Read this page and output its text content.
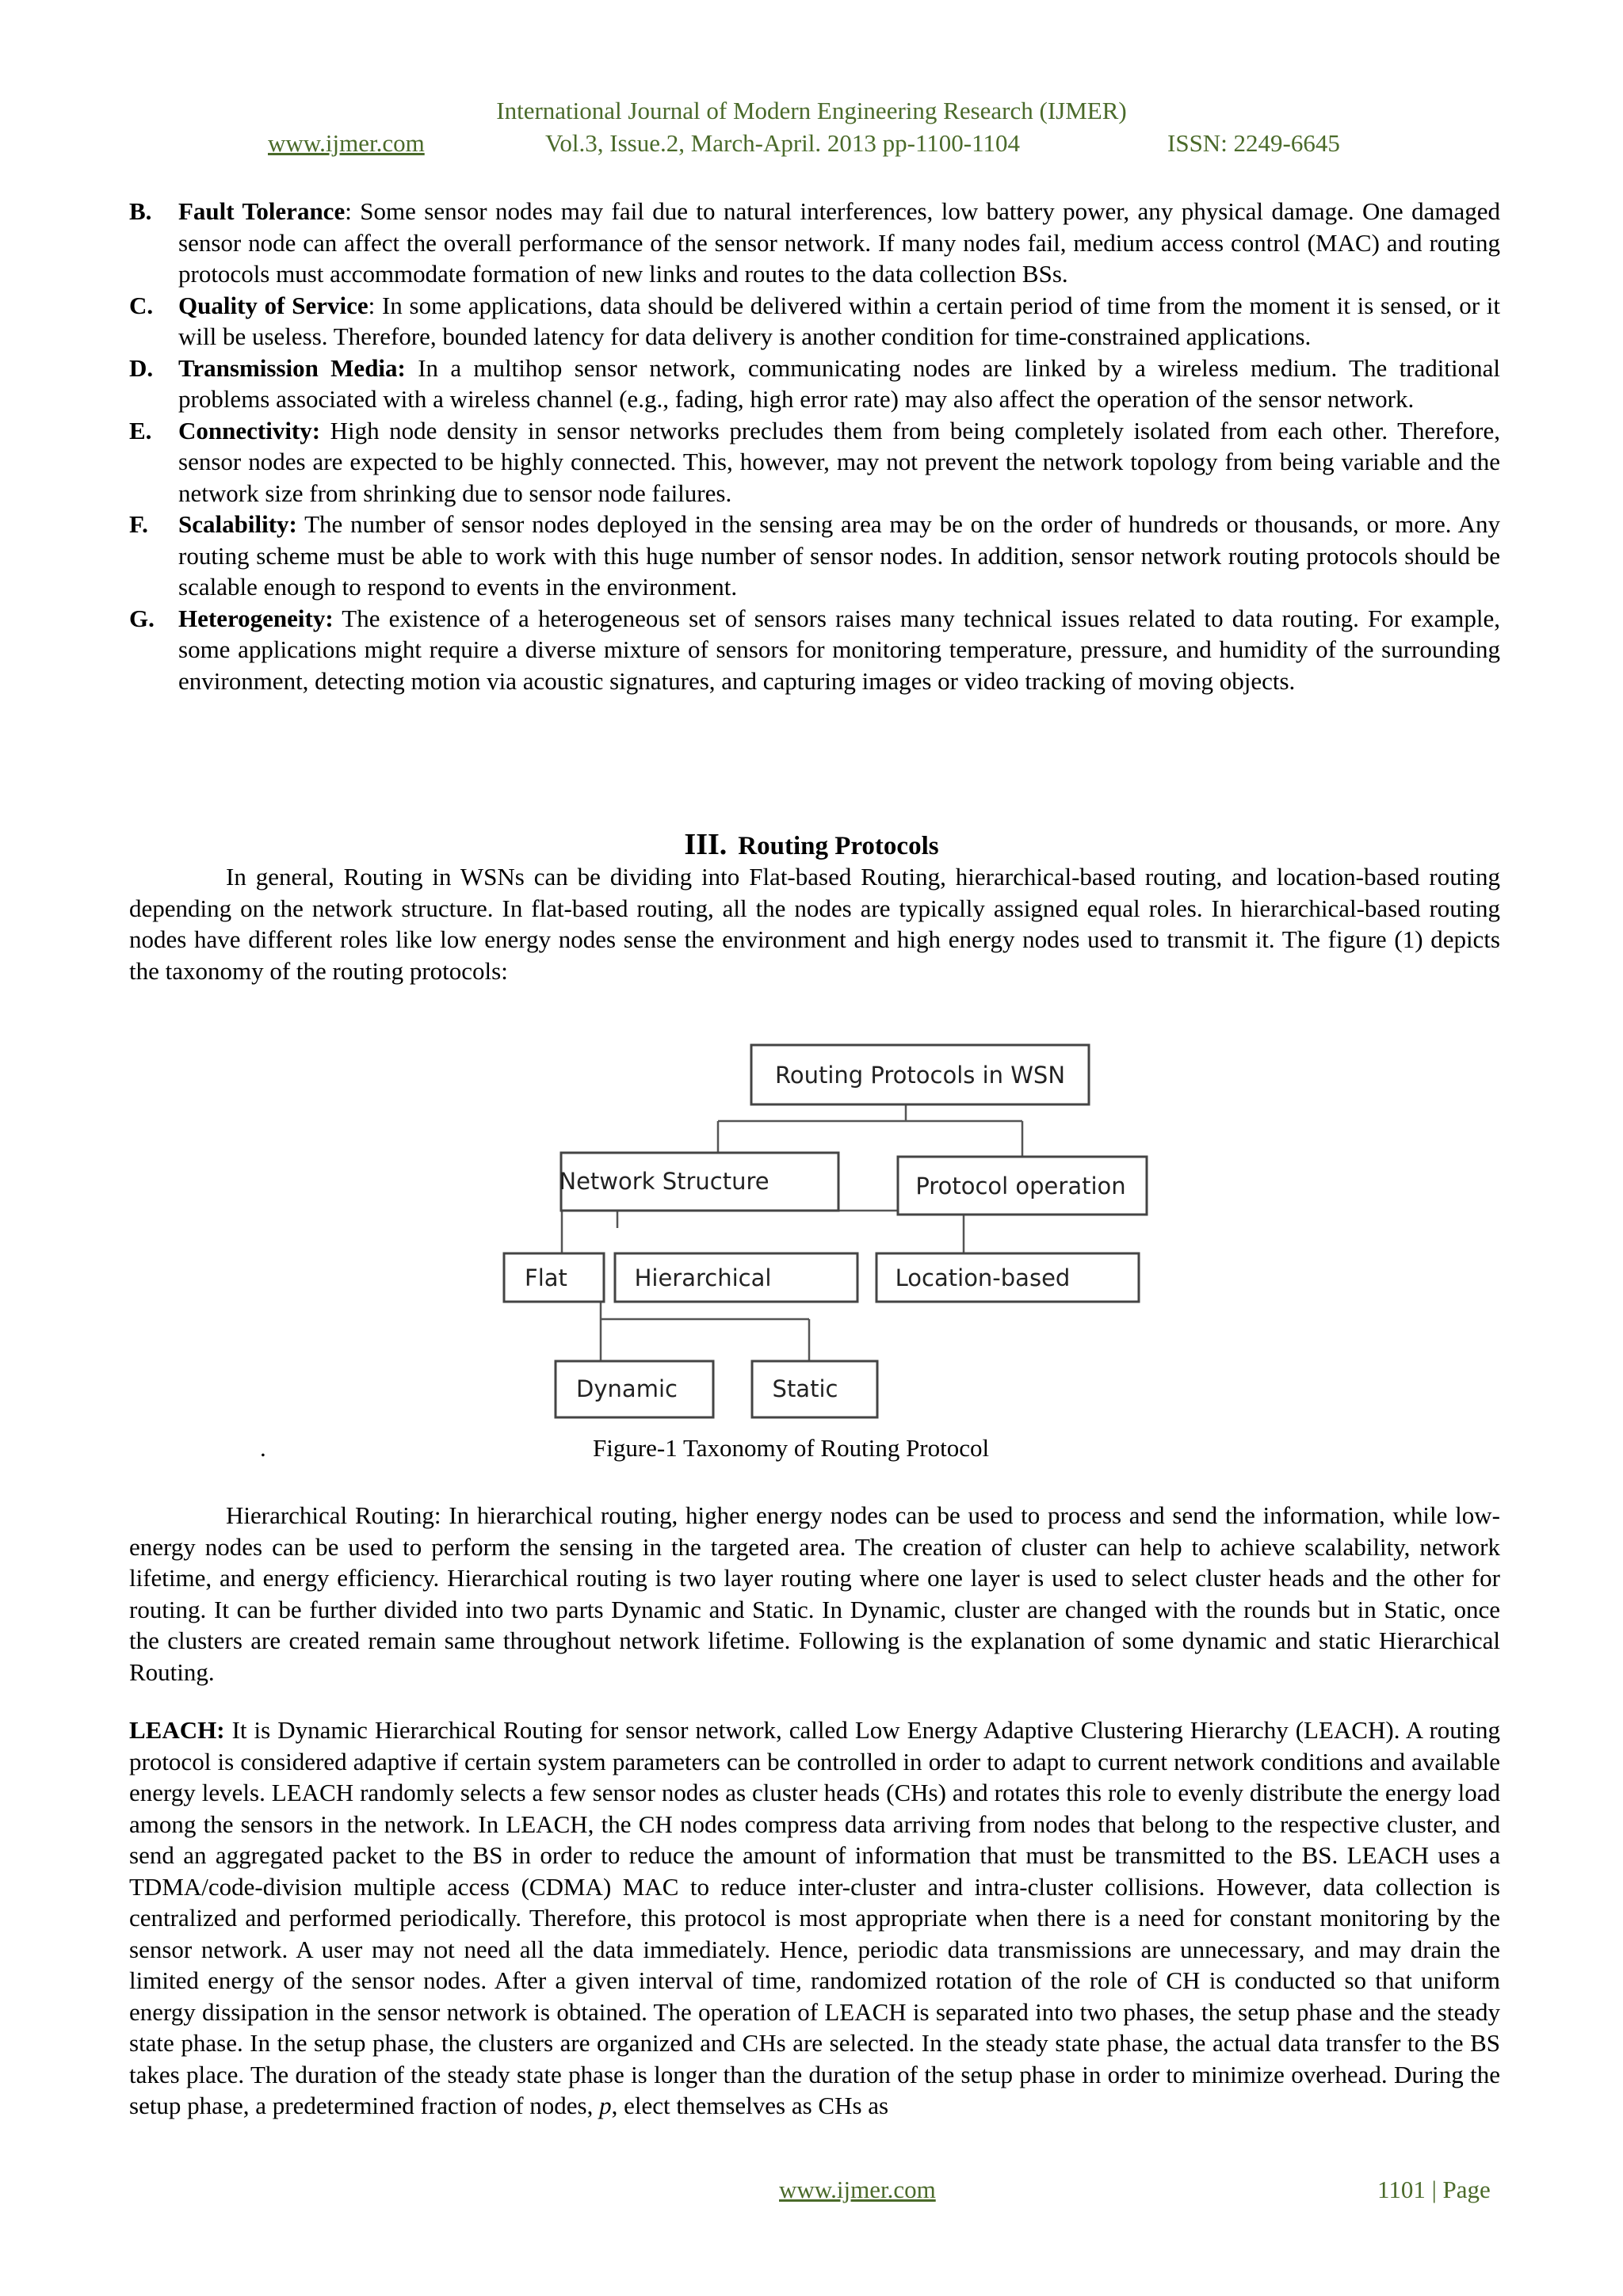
International Journal of Modern Engineering Research (IJMER)
www.ijmer.com	Vol.3, Issue.2, March-April. 2013 pp-1100-1104	ISSN: 2249-6645
B. Fault Tolerance: Some sensor nodes may fail due to natural interferences, low battery power, any physical damage. One damaged sensor node can affect the overall performance of the sensor network. If many nodes fail, medium access control (MAC) and routing protocols must accommodate formation of new links and routes to the data collection BSs.
C. Quality of Service: In some applications, data should be delivered within a certain period of time from the moment it is sensed, or it will be useless. Therefore, bounded latency for data delivery is another condition for time-constrained applications.
D. Transmission Media: In a multihop sensor network, communicating nodes are linked by a wireless medium. The traditional problems associated with a wireless channel (e.g., fading, high error rate) may also affect the operation of the sensor network.
E. Connectivity: High node density in sensor networks precludes them from being completely isolated from each other. Therefore, sensor nodes are expected to be highly connected. This, however, may not prevent the network topology from being variable and the network size from shrinking due to sensor node failures.
F. Scalability: The number of sensor nodes deployed in the sensing area may be on the order of hundreds or thousands, or more. Any routing scheme must be able to work with this huge number of sensor nodes. In addition, sensor network routing protocols should be scalable enough to respond to events in the environment.
G. Heterogeneity: The existence of a heterogeneous set of sensors raises many technical issues related to data routing. For example, some applications might require a diverse mixture of sensors for monitoring temperature, pressure, and humidity of the surrounding environment, detecting motion via acoustic signatures, and capturing images or video tracking of moving objects.
III. Routing Protocols
In general, Routing in WSNs can be dividing into Flat-based Routing, hierarchical-based routing, and location-based routing depending on the network structure. In flat-based routing, all the nodes are typically assigned equal roles. In hierarchical-based routing nodes have different roles like low energy nodes sense the environment and high energy nodes used to transmit it. The figure (1) depicts the taxonomy of the routing protocols:
Routing Protocols in WSN
Network Structure	Protocol operation
Flat	Hierarchical	Location-based
Dynamic	Static
.	Figure-1 Taxonomy of Routing Protocol
Hierarchical Routing: In hierarchical routing, higher energy nodes can be used to process and send the information, while low-energy nodes can be used to perform the sensing in the targeted area. The creation of cluster can help to achieve scalability, network lifetime, and energy efficiency. Hierarchical routing is two layer routing where one layer is used to select cluster heads and the other for routing. It can be further divided into two parts Dynamic and Static. In Dynamic, cluster are changed with the rounds but in Static, once the clusters are created remain same throughout network lifetime. Following is the explanation of some dynamic and static Hierarchical Routing.
LEACH: It is Dynamic Hierarchical Routing for sensor network, called Low Energy Adaptive Clustering Hierarchy (LEACH). A routing protocol is considered adaptive if certain system parameters can be controlled in order to adapt to current network conditions and available energy levels. LEACH randomly selects a few sensor nodes as cluster heads (CHs) and rotates this role to evenly distribute the energy load among the sensors in the network. In LEACH, the CH nodes compress data arriving from nodes that belong to the respective cluster, and send an aggregated packet to the BS in order to reduce the amount of information that must be transmitted to the BS. LEACH uses a TDMA/code-division multiple access (CDMA) MAC to reduce inter-cluster and intra-cluster collisions. However, data collection is centralized and performed periodically. Therefore, this protocol is most appropriate when there is a need for constant monitoring by the sensor network. A user may not need all the data immediately. Hence, periodic data transmissions are unnecessary, and may drain the limited energy of the sensor nodes. After a given interval of time, randomized rotation of the role of CH is conducted so that uniform energy dissipation in the sensor network is obtained. The operation of LEACH is separated into two phases, the setup phase and the steady state phase. In the setup phase, the clusters are organized and CHs are selected. In the steady state phase, the actual data transfer to the BS takes place. The duration of the steady state phase is longer than the duration of the setup phase in order to minimize overhead. During the setup phase, a predetermined fraction of nodes, p, elect themselves as CHs as
www.ijmer.com	1101 | Page
